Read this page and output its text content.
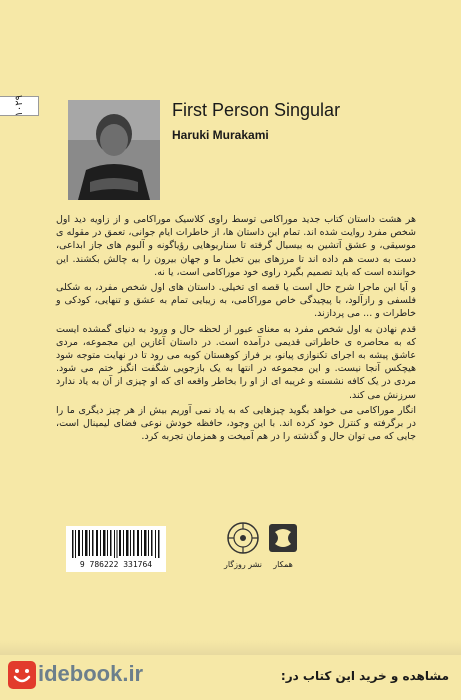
۱۰۲۹	First Person Singular
Haruki Murakami

هر هشت داستان کتاب جدید موراکامی توسط راوی کلاسیک موراکامی و از زاویه دید اول شخص مفرد روایت شده اند. تمام این داستان ها، از خاطرات ایام جوانی، تعمق در مقوله ی موسیقی، و عشق آتشین به بیسبال گرفته تا سناریوهایی رؤیاگونه و آلبوم های جاز ابداعی، دست به دست هم داده اند تا مرزهای بین تخیل ما و جهان بیرون را به چالش بکشند. این خواننده است که باید تصمیم بگیرد راوی خود موراکامی است، یا نه.

و آیا این ماجرا شرح حال است یا قصه ای تخیلی. داستان های اول شخص مفرد، به شکلی فلسفی و رازآلود، با پیچیدگی خاص موراکامی، به زیبایی تمام به عشق و تنهایی، کودکی و خاطرات و ... می پردازند.

قدم نهادن به اول شخص مفرد به معنای عبور از لحظه حال و ورود به دنیای گمشده ایست که به محاصره ی خاطراتی قدیمی درآمده است. در داستان آغازین این مجموعه، مردی عاشق پیشه به اجرای تکنوازی پیانو، بر فراز کوهستان کوبه می رود تا در نهایت متوجه شود هیچکس آنجا نیست. و این مجموعه در انتها به یک بازجویی شگفت انگیز ختم می شود. مردی در یک کافه نشسته و غریبه ای از او را بخاطر واقعه ای که او چیزی از آن به یاد ندارد سرزنش می کند.

انگار موراکامی می خواهد بگوید چیزهایی که به یاد نمی آوریم بیش از هر چیز دیگری ما را در برگرفته و کنترل خود کرده اند. با این وجود، حافظه خودش نوعی فضای لیمینال است، جایی که می توان حال و گذشته را در هم آمیخت و همزمان تجربه کرد.

نشر روزگار همکار
9 786222 331764
idebook.ir	مشاهده و خرید این کتاب در:
